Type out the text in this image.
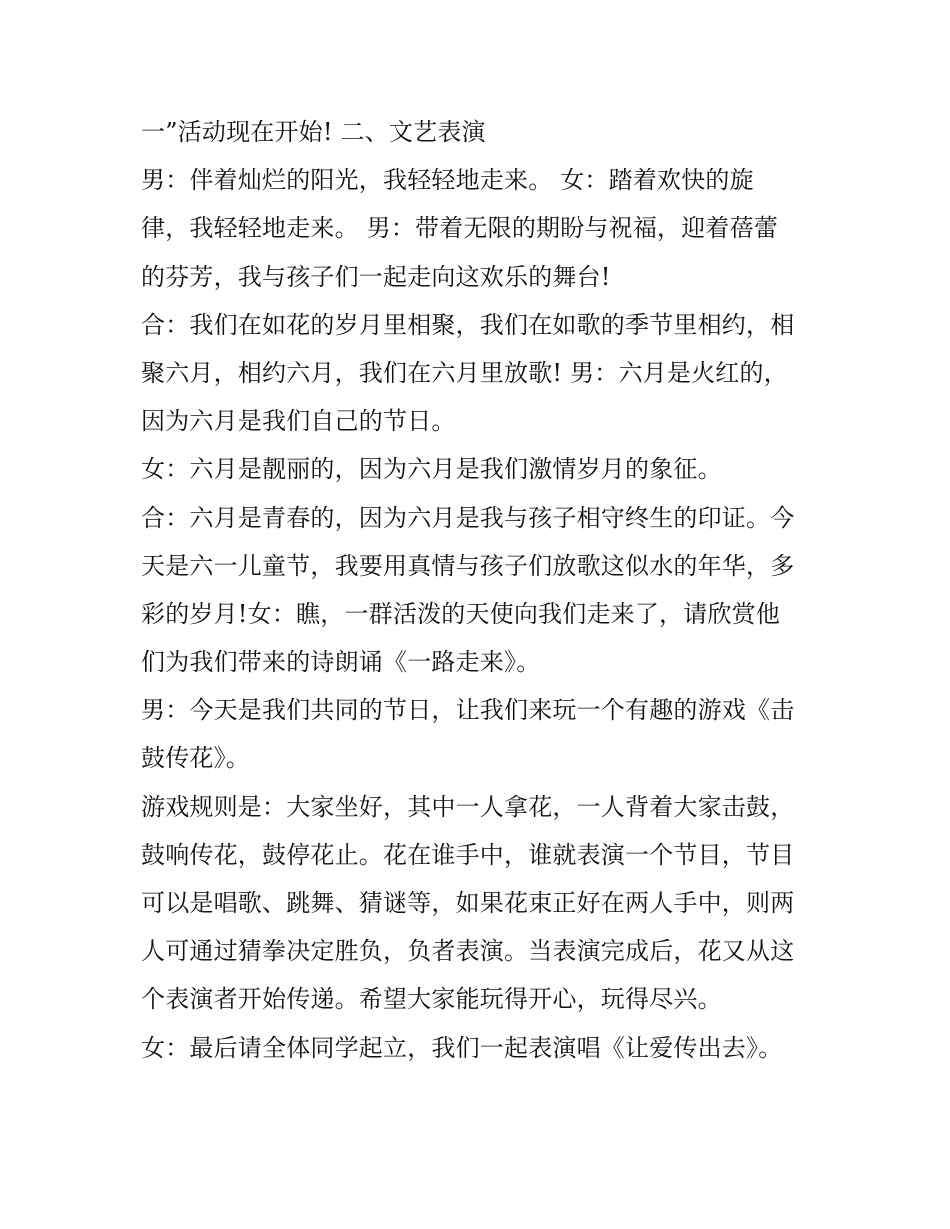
一”活动现在开始! 二、文艺表演
男：伴着灿烂的阳光，我轻轻地走来。 女：踏着欢快的旋
律，我轻轻地走来。 男：带着无限的期盼与祝福，迎着蓓蕾
的芬芳，我与孩子们一起走向这欢乐的舞台!
合：我们在如花的岁月里相聚，我们在如歌的季节里相约，相
聚六月，相约六月，我们在六月里放歌! 男：六月是火红的，
因为六月是我们自己的节日。
女：六月是靓丽的，因为六月是我们激情岁月的象征。
合：六月是青春的，因为六月是我与孩子相守终生的印证。今
天是六一儿童节，我要用真情与孩子们放歌这似水的年华，多
彩的岁月!女：瞧，一群活泼的天使向我们走来了，请欣赏他
们为我们带来的诗朗诵《一路走来》。
男：今天是我们共同的节日，让我们来玩一个有趣的游戏《击
鼓传花》。
游戏规则是：大家坐好，其中一人拿花，一人背着大家击鼓，
鼓响传花，鼓停花止。花在谁手中，谁就表演一个节目，节目
可以是唱歌、跳舞、猜谜等，如果花束正好在两人手中，则两
人可通过猜拳决定胜负，负者表演。当表演完成后，花又从这
个表演者开始传递。希望大家能玩得开心，玩得尽兴。
女：最后请全体同学起立，我们一起表演唱《让爱传出去》。
